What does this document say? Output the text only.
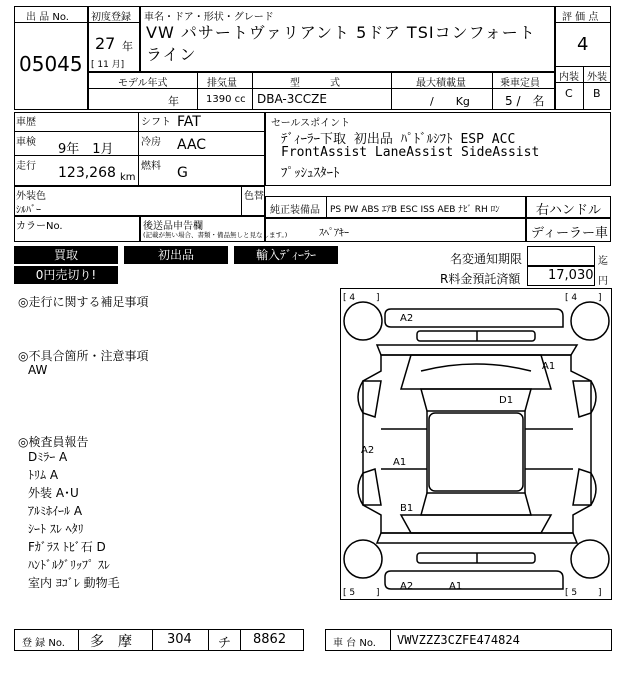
出 品 No.
05045
初度登録
27 年
[ 11 月]
車名・ドア・形状・グレード
VW パサートヴァリアント 5ドア TSIコンフォートライン
モデル年式	排気量	型　　　式	最大積載量	乗車定員
年	1390 cc DBA-3CCZE	/　　Kg	5 /　名
評 価 点
4
内装 外装
C B
車歴
車検 9年　1月
走行 123,268 km
シフト FAT
冷房 AAC
燃料 G
セールスポイント
ﾃﾞｨｰﾗｰ下取 初出品 ﾊﾟﾄﾞﾙｼﾌﾄ ESP ACC
FrontAssist LaneAssist SideAssist
ﾌﾟｯｼｭｽﾀｰﾄ
外装色
ｼﾙﾊﾞｰ
色替
純正装備品 PS PW ABS ｴｱB ESC ISS AEB ﾅﾋﾞ RH ﾛﾝ	右ハンドル
カラーNo.	後送品申告欄
(記載が無い場合、書類・備品無しと見なします。)	ｽﾍﾟｱｷｰ	ディーラー車
買取	初出品	輸入ﾃﾞｨｰﾗｰ
0円売切り!
名変通知期限	迄
R料金預託済額 17,030 円
◎走行に関する補足事項
◎不具合箇所・注意事項
AW
◎検査員報告
Dﾐﾗｰ A
ﾄﾘﾑ A
外装 A･U
ｱﾙﾐﾎｲｰﾙ A
ｼｰﾄ ｽﾚ ﾍﾀﾘ
Fｶﾞﾗｽ ﾄﾋﾞ石 D
ﾊﾝﾄﾞﾙｸﾞﾘｯﾌﾟ ｽﾚ
室内 ﾖｺﾞﾚ 動物毛
[ 4 　　]	[ 4 　　]
[ 5 　　]	[ 5 　　]
A2
A1
D1
A2
A1
B1
A2	A1
登 録 No. 多　摩	304 チ 8862	車 台 No. VWVZZZ3CZFE474824
